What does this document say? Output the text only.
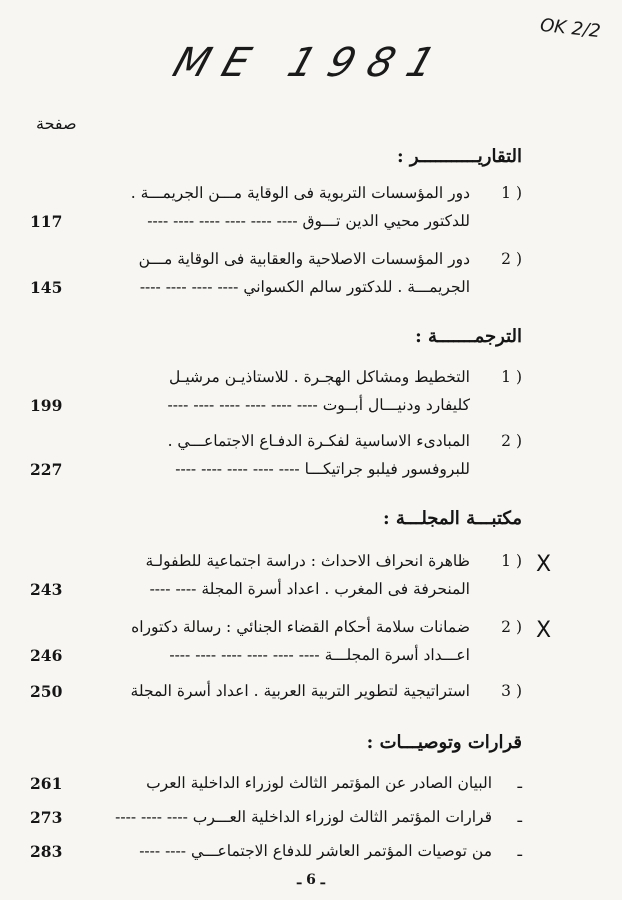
ME 1981
OK 2/2
صفحة
التقاريـــــــــــر :
1 )
دور المؤسسات التربوية فى الوقاية مـــن الجريمـــة .
للدكتور محيي الدين تـــوق ---- ---- ---- ---- ---- ----
117
2 )
دور المؤسسات الاصلاحية والعقابية فى الوقاية مـــن
الجريمـــة . للدكتور سالم الكسواني ---- ---- ---- ----
145
الترجمـــــــة :
1 )
التخطيط ومشاكل الهجـرة . للاستاذيـن مرشيـل
كليفارد ودنيـــال أبــوت ---- ---- ---- ---- ---- ----
199
2 )
المبادىء الاساسية لفكـرة الدفـاع الاجتماعـــي .
للبروفسور فيلبو جراتيكـــا ---- ---- ---- ---- ----
227
مكتبـــة المجلـــة :
X
1 )
ظاهرة انحراف الاحداث : دراسة اجتماعية للطفولـة
المنحرفة فى المغرب . اعداد أسرة المجلة ---- ----
243
X
2 )
ضمانات سلامة أحكام القضاء الجنائي : رسالة دكتوراه
اعـــداد أسرة المجلـــة ---- ---- ---- ---- ---- ----
246
3 )
استراتيجية لتطوير التربية العربية . اعداد أسرة المجلة
250
قرارات وتوصيـــات :
ـ
البيان الصادر عن المؤتمر الثالث لوزراء الداخلية العرب
261
ـ
قرارات المؤتمر الثالث لوزراء الداخلية العـــرب ---- ---- ----
273
ـ
من توصيات المؤتمر العاشر للدفاع الاجتماعـــي ---- ----
283
ـ 6 ـ
